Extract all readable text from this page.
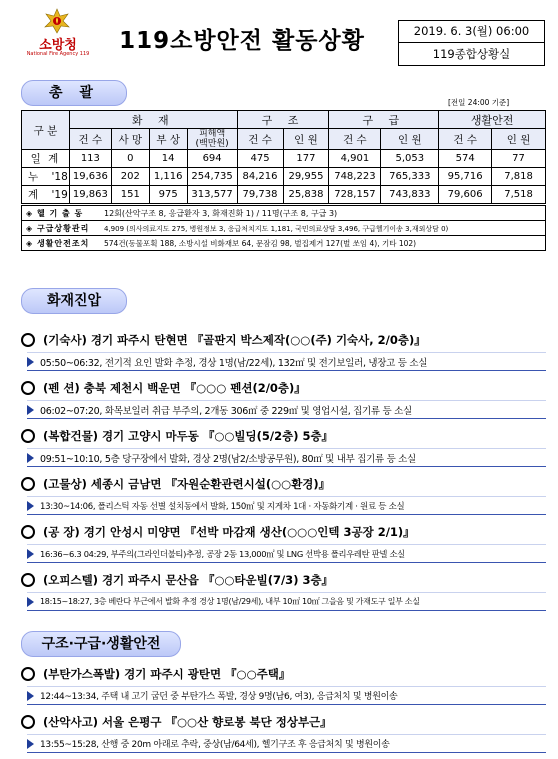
소방청
National Fire Agency 119	119소방안전 활동상황	2019. 6. 3(월) 06:00
119종합상황실
총 괄
[전일 24:00 기준]
구 분	화 재				구 조		구 급		생활안전	
	건 수	사 망	부 상	피해액
(백만원)	건 수	인 원	건 수	인 원	건 수	인 원
일 계	113	0	14	694	475	177	4,901	5,053	574	77
누 '18	19,636	202	1,116	254,735	84,216	29,955	748,223	765,333	95,716	7,818
계 '19	19,863	151	975	313,577	79,738	25,838	728,157	743,833	79,606	7,518
◈ 헬 기 출 동 12회(산악구조 8, 응급환자 3, 화재진화 1) / 11명(구조 8, 구급 3)										
◈ 구급상황관리 4,909 (의사의료지도 275, 병원정보 3, 응급처치지도 1,181, 국민의료상담 3,496, 구급헬기이송 3,재외상담 0)										
◈ 생활안전조치 574건(동물포획 188, 소방시설 비화재보 64, 문잠김 98, 벌집제거 127(벌 쏘임 4), 기타 102)										
화재진압
(기숙사) 경기 파주시 탄현면 『골판지 박스제작(○○(주) 기숙사, 2/0층)』
05:50~06:32, 전기적 요인 발화 추정, 경상 1명(남/22세), 132㎡ 및 전기보일러, 냉장고 등 소실
(펜 션) 충북 제천시 백운면 『○○○ 펜션(2/0층)』
06:02~07:20, 화목보일러 취급 부주의, 2개동 306㎡ 중 229㎡ 및 영업시설, 집기류 등 소실
(복합건물) 경기 고양시 마두동 『○○빌딩(5/2층) 5층』
09:51~10:10, 5층 당구장에서 발화, 경상 2명(남2/소방공무원), 80㎡ 및 내부 집기류 등 소실
(고물상) 세종시 금남면 『자원순환관련시설(○○환경)』
13:30~14:06, 폴리스틱 자동 선별 설치동에서 발화, 150㎡ 및 지게차 1대 · 자동화기계 · 원료 등 소실
(공 장) 경기 안성시 미양면 『선박 마감재 생산(○○○인텍 3공장 2/1)』
16:36~6.3 04:29, 부주의(그라인더불티)추정, 공장 2동 13,000㎡ 및 LNG 선박용 폴리우레탄 판넬 소실
(오피스텔) 경기 파주시 문산읍 『○○타운빌(7/3) 3층』
18:15~18:27, 3층 베란다 부근에서 발화 추정 경상 1명(남/29세), 내부 10㎡ 10㎡ 그을음 및 가재도구 일부 소실
구조·구급·생활안전
(부탄가스폭발) 경기 파주시 광탄면 『○○주택』
12:44~13:34, 주택 내 고기 굽던 중 부탄가스 폭발, 경상 9명(남6, 여3), 응급처치 및 병원이송
(산악사고) 서울 은평구 『○○산 향로봉 북단 정상부근』
13:55~15:28, 산행 중 20m 아래로 추락, 중상(남/64세), 헬기구조 후 응급처치 및 병원이송
